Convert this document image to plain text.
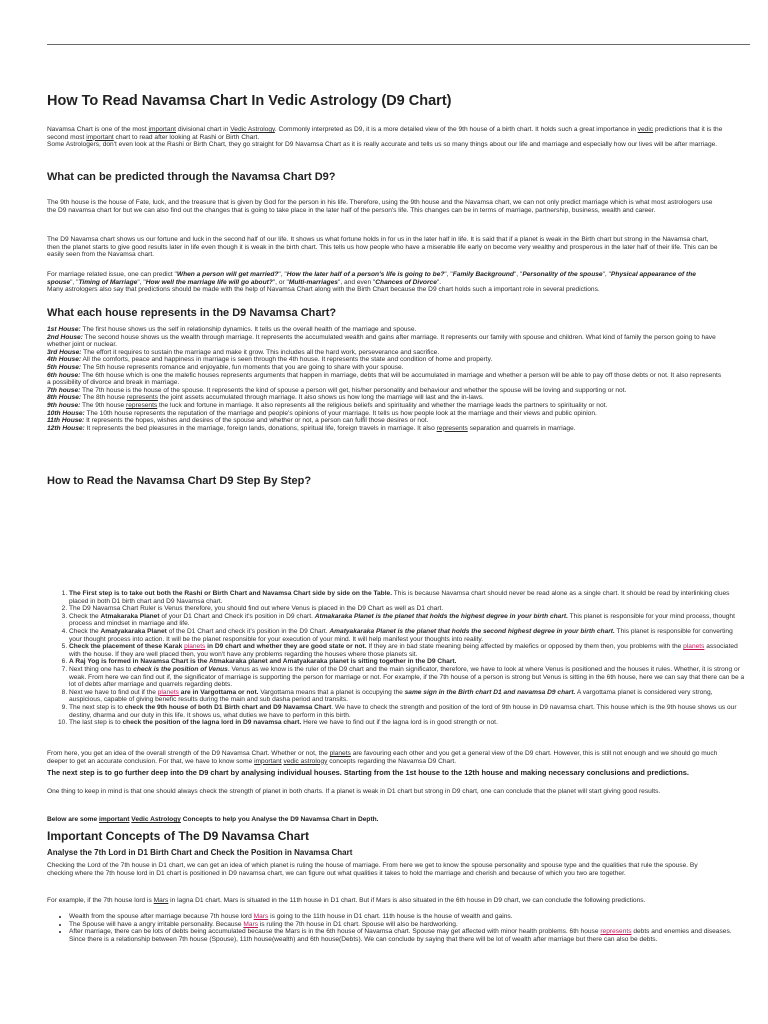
How To Read Navamsa Chart In Vedic Astrology (D9 Chart)
Navamsa Chart is one of the most important divisional chart in Vedic Astrology. Commonly interpreted as D9, it is a more detailed view of the 9th house of a birth chart. It holds such a great importance in vedic predictions that it is the second most important chart to read after looking at Rashi or Birth Chart.
Some Astrologers, don't even look at the Rashi or Birth Chart, they go straight for D9 Navamsa Chart as it is really accurate and tells us so many things about our life and marriage and especially how our lives will be after marriage.
What can be predicted through the Navamsa Chart D9?
The 9th house is the house of Fate, luck, and the treasure that is given by God for the person in his life. Therefore, using the 9th house and the Navamsa chart, we can not only predict marriage which is what most astrologers use the D9 navamsa chart for but we can also find out the changes that is going to take place in the later half of the person's life. This changes can be in terms of marriage, partnership, business, wealth and career.
The D9 Navamsa chart shows us our fortune and luck in the second half of our life. It shows us what fortune holds in for us in the later half in life. It is said that if a planet is weak in the Birth chart but strong in the Navamsa chart, then the planet starts to give good results later in life even though it is weak in the birth chart. This tells us how people who have a miserable life early on become very wealthy and prosperous in the later half of their life. This can be easily seen from the Navamsa chart.
For marriage related issue, one can predict "When a person will get married?", "How the later half of a person's life is going to be?", "Family Background", "Personality of the spouse", "Physical appearance of the spouse", "Timing of Marriage", "How well the marriage life will go about?", or "Multi-marriages", and even "Chances of Divorce".
Many astrologers also say that predictions should be made with the help of Navamsa Chart along with the Birth Chart because the D9 chart holds such a important role in several predictions.
What each house represents in the D9 Navamsa Chart?
1st House: The first house shows us the self in relationship dynamics. It tells us the overall health of the marriage and spouse.
2nd House: The second house shows us the wealth through marriage. It represents the accumulated wealth and gains after marriage. It represents our family with spouse and children. What kind of family the person going to have whether joint or nuclear.
3rd House: The effort it requires to sustain the marriage and make it grow. This includes all the hard work, perseverance and sacrifice.
4th House: All the comforts, peace and happiness in marriage is seen through the 4th house. It represents the state and condition of home and property.
5th House: The 5th house represents romance and enjoyable, fun moments that you are going to share with your spouse.
6th house: The 6th house which is one the malefic houses represents arguments that happen in marriage, debts that will be accumulated in marriage and whether a person will be able to pay off those debts or not. It also represents a possibility of divorce and break in marriage.
7th house: The 7th house is the house of the spouse. It represents the kind of spouse a person will get, his/her personality and behaviour and whether the spouse will be loving and supporting or not.
8th House: The 8th house represents the joint assets accumulated through marriage. It also shows us how long the marriage will last and the in-laws.
9th house: The 9th house represents the luck and fortune in marriage. It also represents all the religious beliefs and spirituality and whether the marriage leads the partners to spirituality or not.
10th House: The 10th house represents the reputation of the marriage and people's opinions of your marriage. It tells us how people look at the marriage and their views and public opinion.
11th House: It represents the hopes, wishes and desires of the spouse and whether or not, a person can fulfil those desires or not.
12th House: It represents the bed pleasures in the marriage, foreign lands, donations, spiritual life, foreign travels in marriage. It also represents separation and quarrels in marriage.
How to Read the Navamsa Chart D9 Step By Step?
1. The First step is to take out both the Rashi or Birth Chart and Navamsa Chart side by side on the Table. This is because Navamsa chart should never be read alone as a single chart. It should be read by interlinking clues placed in both D1 birth chart and D9 Navamsa chart.
2. The D9 Navamsa Chart Ruler is Venus therefore, you should find out where Venus is placed in the D9 Chart as well as D1 chart.
3. Check the Atmakaraka Planet of your D1 Chart and Check it's position in D9 chart. Atmakaraka Planet is the planet that holds the highest degree in your birth chart. This planet is responsible for your mind process, thought process and mindset in marriage and life.
4. Check the Amatyakaraka Planet of the D1 Chart and check it's position in the D9 Chart. Amatyakaraka Planet is the planet that holds the second highest degree in your birth chart. This planet is responsible for converting your thought process into action. It will be the planet responsible for your execution of your mind. It will help manifest your thoughts into reality.
5. Check the placement of these Karak planets in D9 chart and whether they are good state or not. If they are in bad state meaning being affected by malefics or opposed by them then, you problems with the planets associated with the house. If they are well placed then, you won't have any problems regarding the houses where those planets sit.
6. A Raj Yog is formed in Navamsa Chart is the Atmakaraka planet and Amatyakaraka planet is sitting together in the D9 Chart.
7. Next thing one has to check is the position of Venus. Venus as we know is the ruler of the D9 chart and the main significator, therefore, we have to look at where Venus is positioned and the houses it rules. Whether, it is strong or weak. From here we can find out if, the significator of marriage is supporting the person for marriage or not. For example, if the 7th house of a person is strong but Venus is sitting in the 6th house, here we can say that there can be a lot of debts after marriage and quarrels regarding debts.
8. Next we have to find out if the planets are in Vargottama or not. Vargottama means that a planet is occupying the same sign in the Birth chart D1 and navamsa D9 chart. A vargottama planet is considered very strong, auspicious, capable of giving benefic results during the main and sub dasha period and transits.
9. The next step is to check the 9th house of both D1 Birth chart and D9 Navamsa Chart. We have to check the strength and position of the lord of 9th house in D9 navamsa chart. This house which is the 9th house shows us our destiny, dharma and our duty in this life. It shows us, what duties we have to perform in this birth.
10. The last step is to check the position of the lagna lord in D9 navamsa chart. Here we have to find out if the lagna lord is in good strength or not.
From here, you get an idea of the overall strength of the D9 Navamsa Chart. Whether or not, the planets are favouring each other and you get a general view of the D9 chart. However, this is still not enough and we should go much deeper to get an accurate conclusion. For that, we have to know some important vedic astrology concepts regarding the Navamsa D9 Chart.
The next step is to go further deep into the D9 chart by analysing individual houses. Starting from the 1st house to the 12th house and making necessary conclusions and predictions.
One thing to keep in mind is that one should always check the strength of planet in both charts. If a planet is weak in D1 chart but strong in D9 chart, one can conclude that the planet will start giving good results.
Below are some important Vedic Astrology Concepts to help you Analyse the D9 Navamsa Chart in Depth.
Important Concepts of The D9 Navamsa Chart
Analyse the 7th Lord in D1 Birth Chart and Check the Position in Navamsa Chart
Checking the Lord of the 7th house in D1 chart, we can get an idea of which planet is ruling the house of marriage. From here we get to know the spouse personality and spouse type and the qualities that rule the spouse. By checking where the 7th house lord in D1 chart is positioned in D9 navamsa chart, we can figure out what qualities it takes to hold the marriage and cherish and because of which you two are together.
For example, if the 7th house lord is Mars in lagna D1 chart. Mars is situated in the 11th house in D1 chart. But if Mars is also situated in the 6th house in D9 chart, we can conclude the following predictions.
• Wealth from the spouse after marriage because 7th house lord Mars is going to the 11th house in D1 chart. 11th house is the house of wealth and gains.
• The Spouse will have a angry irritable personality. Because Mars is ruling the 7th house in D1 chart. Spouse will also be hardworking.
• After marriage, there can be lots of debts being accumulated because the Mars is in the 6th house of Navamsa chart. Spouse may get affected with minor health problems. 6th house represents debts and enemies and diseases. Since there is a relationship between 7th house (Spouse), 11th house(wealth) and 6th house(Debts). We can conclude by saying that there will be lot of wealth after marriage but there can also be debts.
